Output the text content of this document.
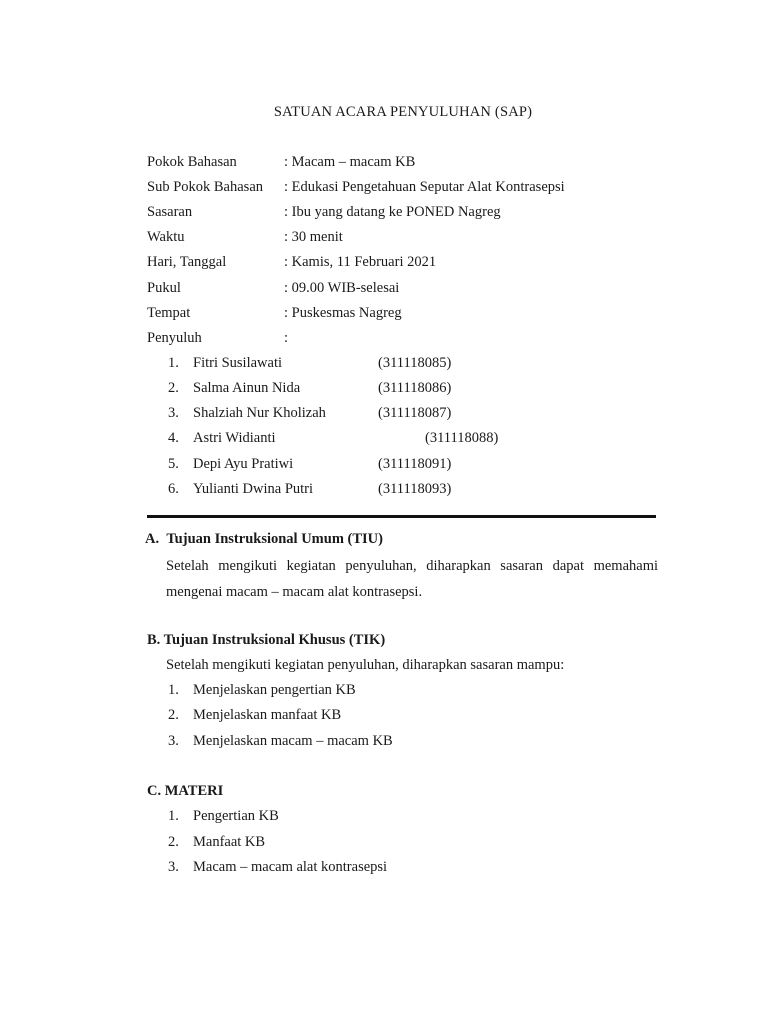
SATUAN ACARA PENYULUHAN (SAP)
Pokok Bahasan	: Macam – macam KB
Sub Pokok Bahasan : Edukasi Pengetahuan Seputar Alat Kontrasepsi
Sasaran	: Ibu yang datang ke PONED Nagreg
Waktu	: 30 menit
Hari, Tanggal	: Kamis, 11 Februari 2021
Pukul	: 09.00 WIB-selesai
Tempat	: Puskesmas Nagreg
Penyuluh	:
1. Fitri Susilawati	(311118085)
2. Salma Ainun Nida	(311118086)
3. Shalziah Nur Kholizah	(311118087)
4. Astri Widianti	(311118088)
5. Depi Ayu Pratiwi	(311118091)
6. Yulianti Dwina Putri	(311118093)
A.  Tujuan Instruksional Umum (TIU)
Setelah mengikuti kegiatan penyuluhan, diharapkan sasaran dapat memahami mengenai macam – macam alat kontrasepsi.
B. Tujuan Instruksional Khusus (TIK)
Setelah mengikuti kegiatan penyuluhan, diharapkan sasaran mampu:
1. Menjelaskan pengertian KB
2. Menjelaskan manfaat KB
3. Menjelaskan macam – macam KB
C. MATERI
1. Pengertian KB
2. Manfaat KB
3. Macam – macam alat kontrasepsi
